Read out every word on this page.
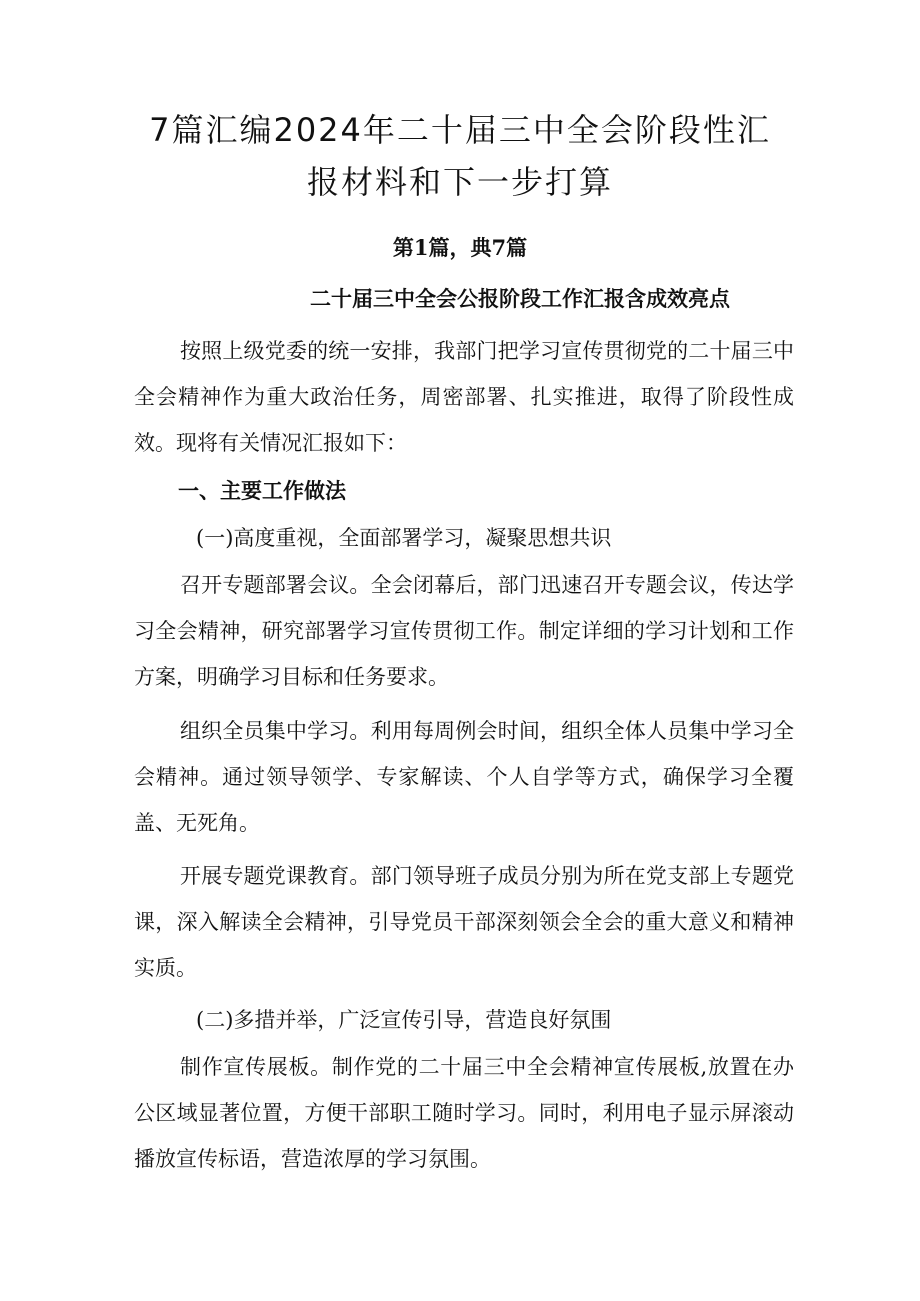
7篇汇编2024年二十届三中全会阶段性汇
报材料和下一步打算
第1篇，典7篇
二十届三中全会公报阶段工作汇报含成效亮点
按照上级党委的统一安排，我部门把学习宣传贯彻党的二十届三中全会精神作为重大政治任务，周密部署、扎实推进，取得了阶段性成效。现将有关情况汇报如下：
一、主要工作做法
(一)高度重视，全面部署学习，凝聚思想共识
召开专题部署会议。全会闭幕后，部门迅速召开专题会议，传达学习全会精神，研究部署学习宣传贯彻工作。制定详细的学习计划和工作方案，明确学习目标和任务要求。
组织全员集中学习。利用每周例会时间，组织全体人员集中学习全会精神。通过领导领学、专家解读、个人自学等方式，确保学习全覆盖、无死角。
开展专题党课教育。部门领导班子成员分别为所在党支部上专题党课，深入解读全会精神，引导党员干部深刻领会全会的重大意义和精神实质。
(二)多措并举，广泛宣传引导，营造良好氛围
制作宣传展板。制作党的二十届三中全会精神宣传展板,放置在办公区域显著位置，方便干部职工随时学习。同时，利用电子显示屏滚动播放宣传标语，营造浓厚的学习氛围。
